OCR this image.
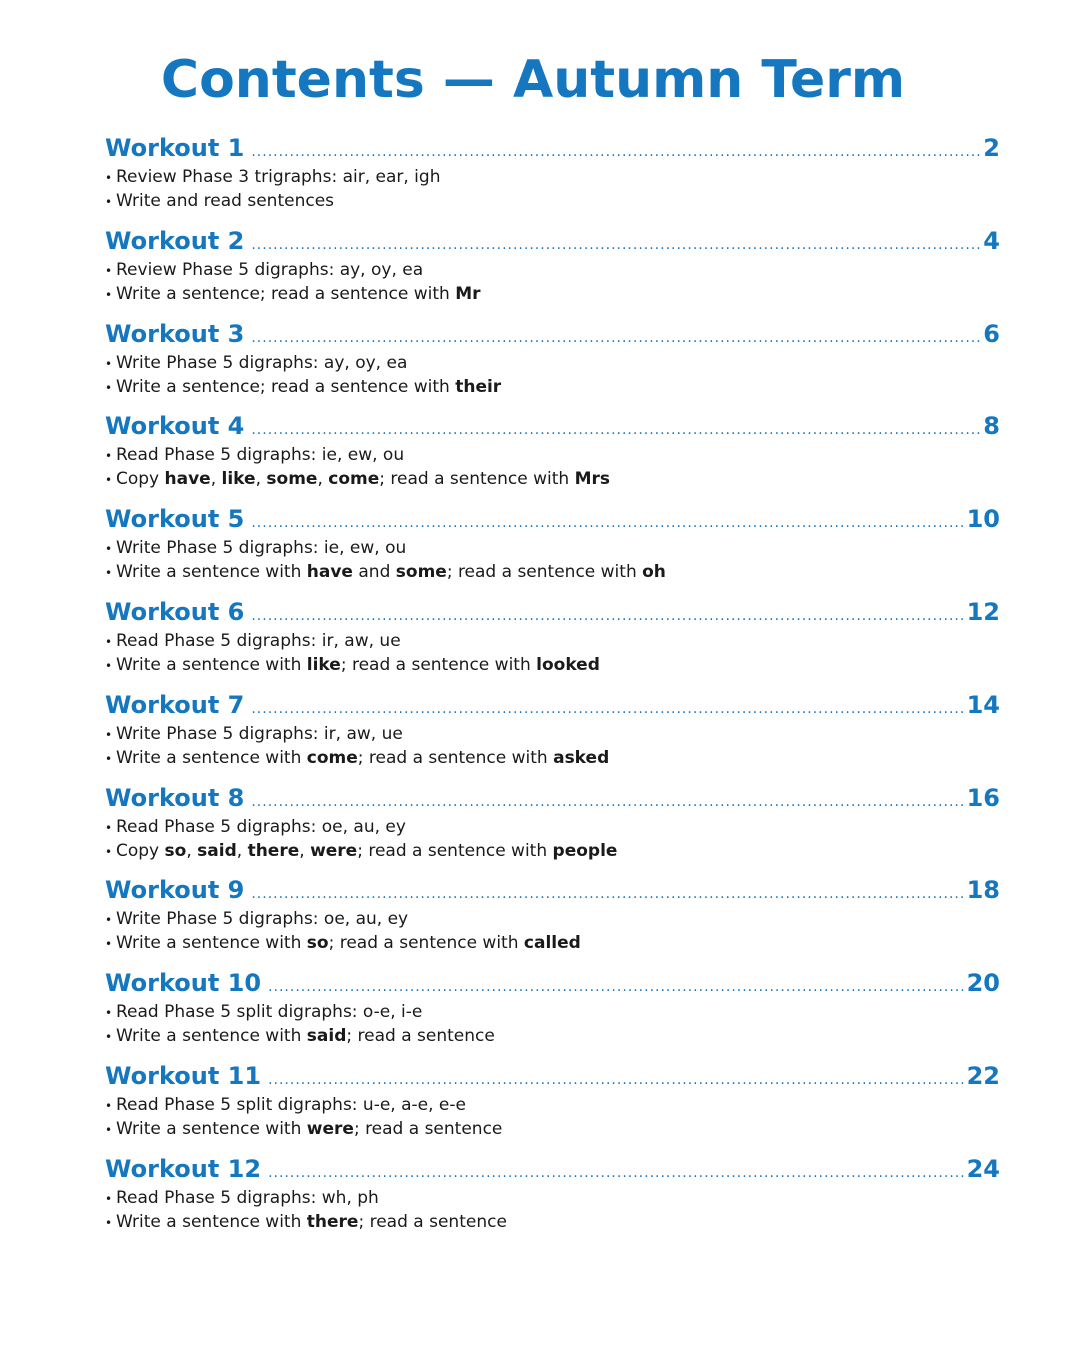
Contents — Autumn Term
Workout 1 .....	2
• Review Phase 3 trigraphs: air, ear, igh
• Write and read sentences
Workout 2 .....	4
• Review Phase 5 digraphs: ay, oy, ea
• Write a sentence; read a sentence with Mr
Workout 3 .....	6
• Write Phase 5 digraphs: ay, oy, ea
• Write a sentence; read a sentence with their
Workout 4 .....	8
• Read Phase 5 digraphs: ie, ew, ou
• Copy have, like, some, come; read a sentence with Mrs
Workout 5 .....	10
• Write Phase 5 digraphs: ie, ew, ou
• Write a sentence with have and some; read a sentence with oh
Workout 6 .....	12
• Read Phase 5 digraphs: ir, aw, ue
• Write a sentence with like; read a sentence with looked
Workout 7 .....	14
• Write Phase 5 digraphs: ir, aw, ue
• Write a sentence with come; read a sentence with asked
Workout 8 .....	16
• Read Phase 5 digraphs: oe, au, ey
• Copy so, said, there, were; read a sentence with people
Workout 9 .....	18
• Write Phase 5 digraphs: oe, au, ey
• Write a sentence with so; read a sentence with called
Workout 10 .....	20
• Read Phase 5 split digraphs: o-e, i-e
• Write a sentence with said; read a sentence
Workout 11 .....	22
• Read Phase 5 split digraphs: u-e, a-e, e-e
• Write a sentence with were; read a sentence
Workout 12 .....	24
• Read Phase 5 digraphs: wh, ph
• Write a sentence with there; read a sentence
